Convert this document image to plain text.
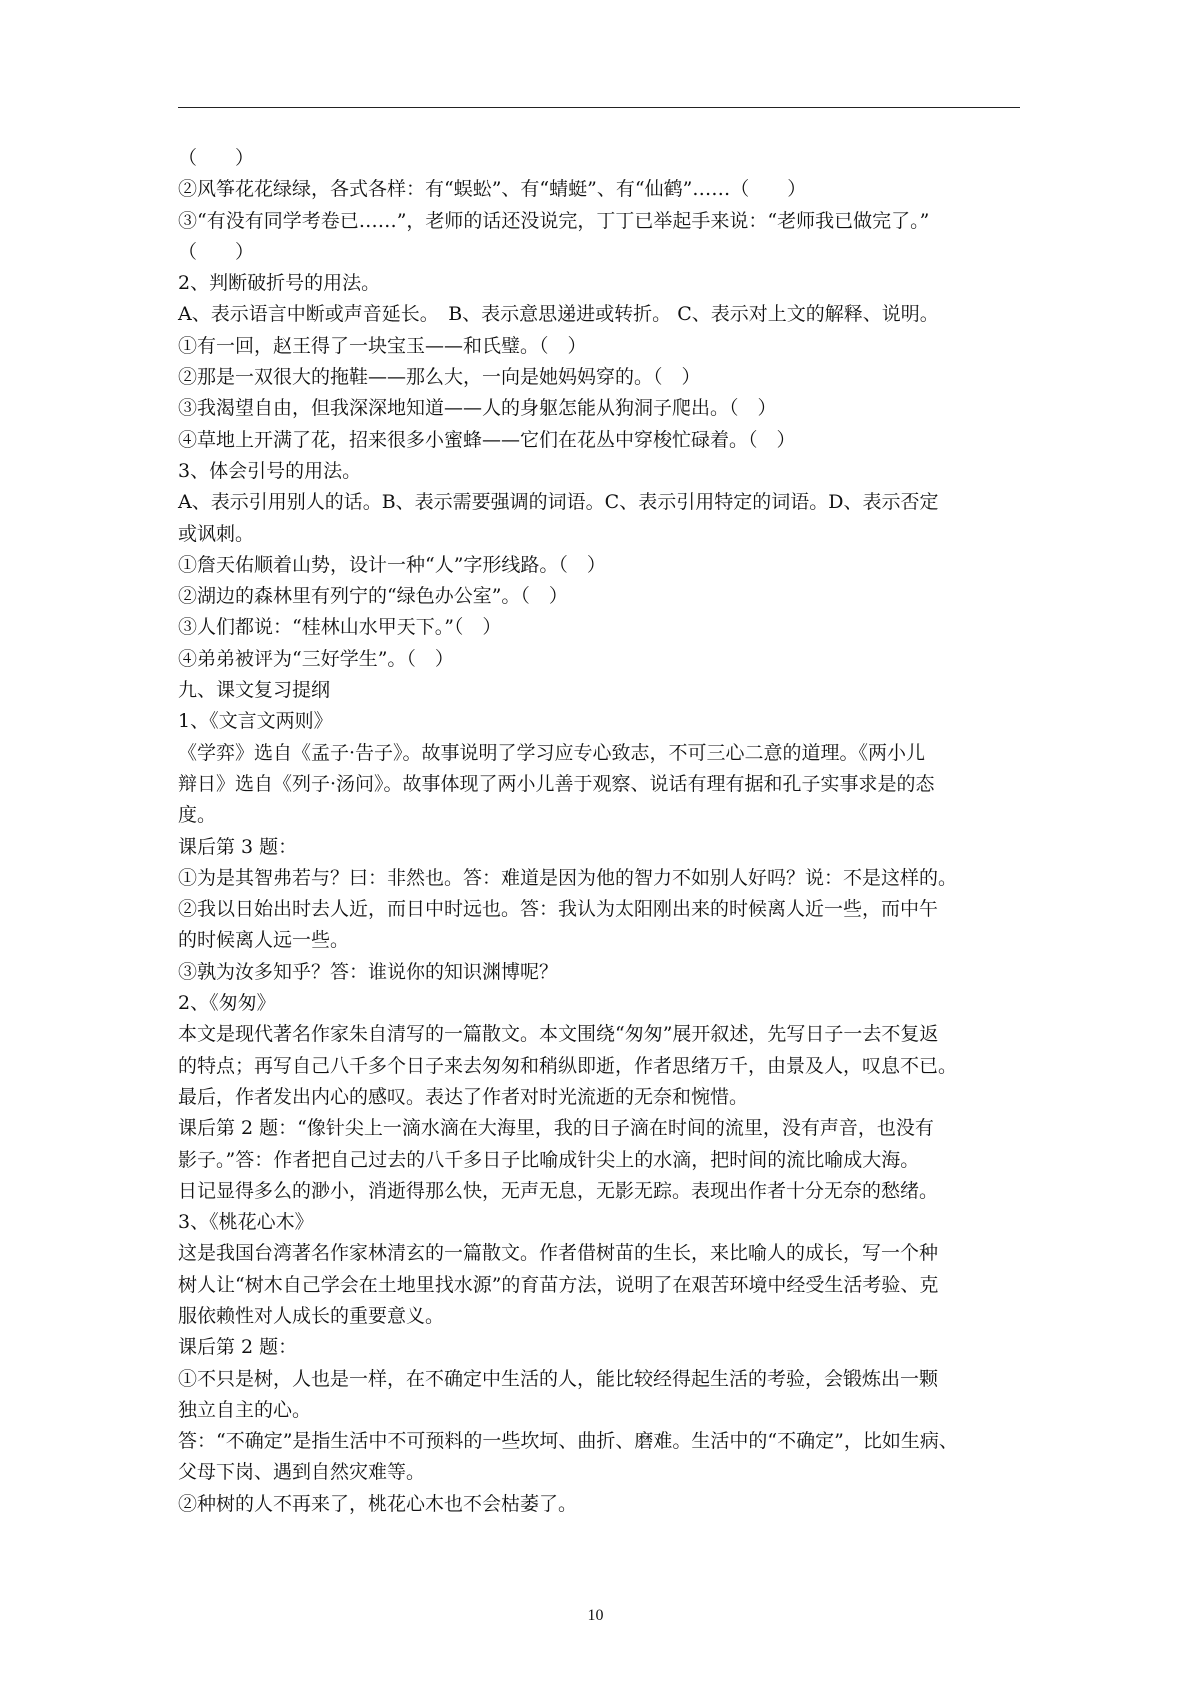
（　　）
②风筝花花绿绿，各式各样：有“蜈蚣”、有“蜻蜓”、有“仙鹤”……（　　）
③“有没有同学考卷已……”，老师的话还没说完，丁丁已举起手来说：“老师我已做完了。”
（　　）
2、判断破折号的用法。
A、表示语言中断或声音延长。　B、表示意思递进或转折。 C、表示对上文的解释、说明。
①有一回，赵王得了一块宝玉——和氏璧。（　）
②那是一双很大的拖鞋——那么大，一向是她妈妈穿的。（　）
③我渴望自由，但我深深地知道——人的身躯怎能从狗洞子爬出。（　）
④草地上开满了花，招来很多小蜜蜂——它们在花丛中穿梭忙碌着。（　）
3、体会引号的用法。
A、表示引用别人的话。B、表示需要强调的词语。C、表示引用特定的词语。D、表示否定
或讽刺。
①詹天佑顺着山势，设计一种“人”字形线路。（　）
②湖边的森林里有列宁的“绿色办公室”。（　）
③人们都说：“桂林山水甲天下。”（　）
④弟弟被评为“三好学生”。（　）
九、课文复习提纲
1、《文言文两则》
《学弈》选自《孟子·告子》。故事说明了学习应专心致志，不可三心二意的道理。《两小儿
辩日》选自《列子·汤问》。故事体现了两小儿善于观察、说话有理有据和孔子实事求是的态
度。
课后第 3 题：
①为是其智弗若与？曰：非然也。答：难道是因为他的智力不如别人好吗？说：不是这样的。
②我以日始出时去人近，而日中时远也。答：我认为太阳刚出来的时候离人近一些，而中午
的时候离人远一些。
③孰为汝多知乎？答：谁说你的知识渊博呢？
2、《匆匆》
本文是现代著名作家朱自清写的一篇散文。本文围绕“匆匆”展开叙述，先写日子一去不复返
的特点；再写自己八千多个日子来去匆匆和稍纵即逝，作者思绪万千，由景及人，叹息不已。
最后，作者发出内心的感叹。表达了作者对时光流逝的无奈和惋惜。
课后第 2 题：“像针尖上一滴水滴在大海里，我的日子滴在时间的流里，没有声音，也没有
影子。”答：作者把自己过去的八千多日子比喻成针尖上的水滴，把时间的流比喻成大海。
日记显得多么的渺小，消逝得那么快，无声无息，无影无踪。表现出作者十分无奈的愁绪。
3、《桃花心木》
这是我国台湾著名作家林清玄的一篇散文。作者借树苗的生长，来比喻人的成长，写一个种
树人让“树木自己学会在土地里找水源”的育苗方法，说明了在艰苦环境中经受生活考验、克
服依赖性对人成长的重要意义。
课后第 2 题：
①不只是树，人也是一样，在不确定中生活的人，能比较经得起生活的考验，会锻炼出一颗
独立自主的心。
答：“不确定”是指生活中不可预料的一些坎坷、曲折、磨难。生活中的“不确定”，比如生病、
父母下岗、遇到自然灾难等。
②种树的人不再来了，桃花心木也不会枯萎了。
10
